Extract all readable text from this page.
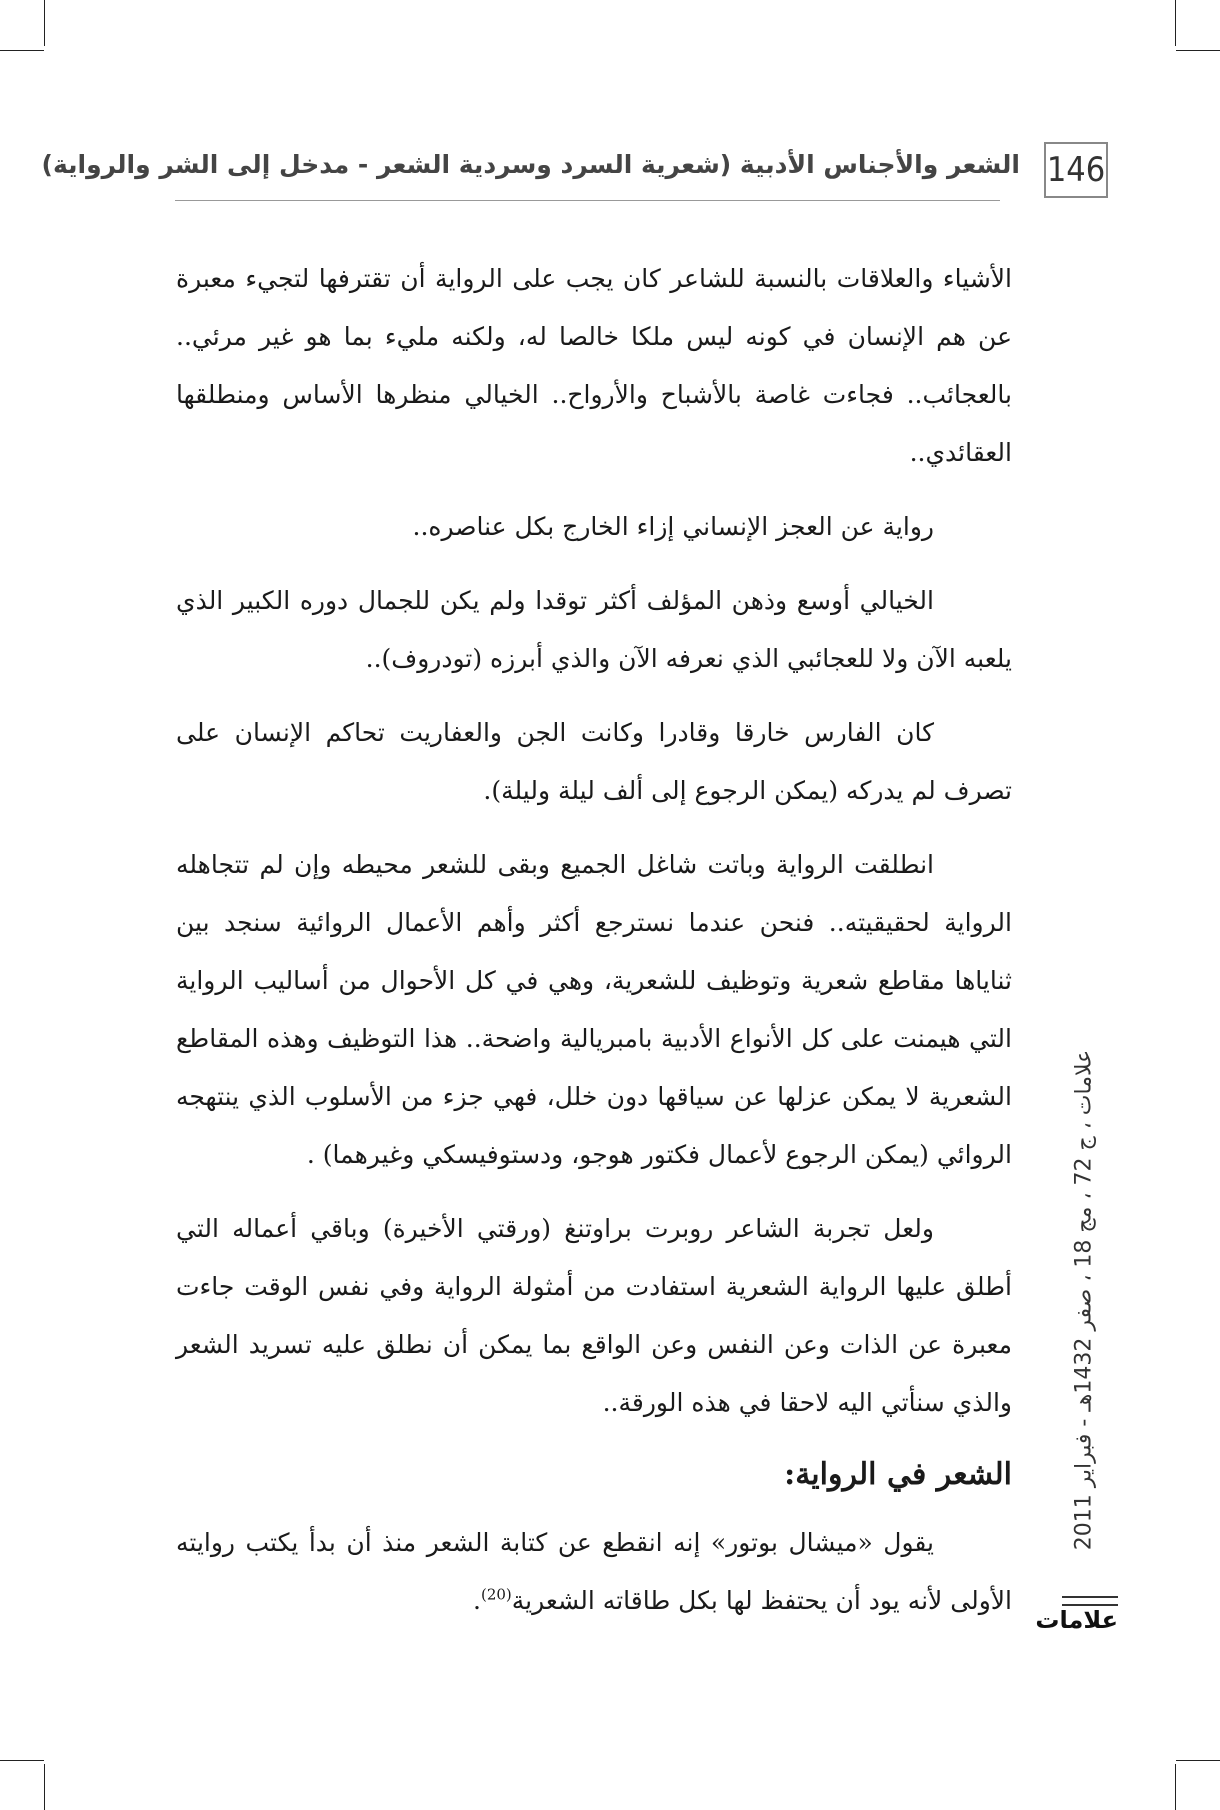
146
الشعر والأجناس الأدبية (شعرية السرد وسردية الشعر - مدخل إلى الشر والرواية)

الأشياء والعلاقات بالنسبة للشاعر كان يجب على الرواية أن تقترفها لتجيء معبرة عن هم الإنسان في كونه ليس ملكا خالصا له، ولكنه مليء بما هو غير مرئي.. بالعجائب.. فجاءت غاصة بالأشباح والأرواح.. الخيالي منظرها الأساس ومنطلقها العقائدي..

رواية عن العجز الإنساني إزاء الخارج بكل عناصره..

الخيالي أوسع وذهن المؤلف أكثر توقدا ولم يكن للجمال دوره الكبير الذي يلعبه الآن ولا للعجائبي الذي نعرفه الآن والذي أبرزه (تودروف)..

كان الفارس خارقا وقادرا وكانت الجن والعفاريت تحاكم الإنسان على تصرف لم يدركه (يمكن الرجوع إلى ألف ليلة وليلة).

انطلقت الرواية وباتت شاغل الجميع وبقى للشعر محيطه وإن لم تتجاهله الرواية لحقيقيته.. فنحن عندما نسترجع أكثر وأهم الأعمال الروائية سنجد بين ثناياها مقاطع شعرية وتوظيف للشعرية، وهي في كل الأحوال من أساليب الرواية التي هيمنت على كل الأنواع الأدبية بامبريالية واضحة.. هذا التوظيف وهذه المقاطع الشعرية لا يمكن عزلها عن سياقها دون خلل، فهي جزء من الأسلوب الذي ينتهجه الروائي (يمكن الرجوع لأعمال فكتور هوجو، ودستوفيسكي وغيرهما) .

ولعل تجربة الشاعر روبرت براوتنغ (ورقتي الأخيرة) وباقي أعماله التي أطلق عليها الرواية الشعرية استفادت من أمثولة الرواية وفي نفس الوقت جاءت معبرة عن الذات وعن النفس وعن الواقع بما يمكن أن نطلق عليه تسريد الشعر والذي سنأتي اليه لاحقا في هذه الورقة..

الشعر في الرواية:

يقول «ميشال بوتور» إنه انقطع عن كتابة الشعر منذ أن بدأ يكتب روايته الأولى لأنه يود أن يحتفظ لها بكل طاقاته الشعرية$^{(20)}$.

علامات ، ج 72 ، مج 18 ، صفر 1432هـ - فبراير 2011
علامات
